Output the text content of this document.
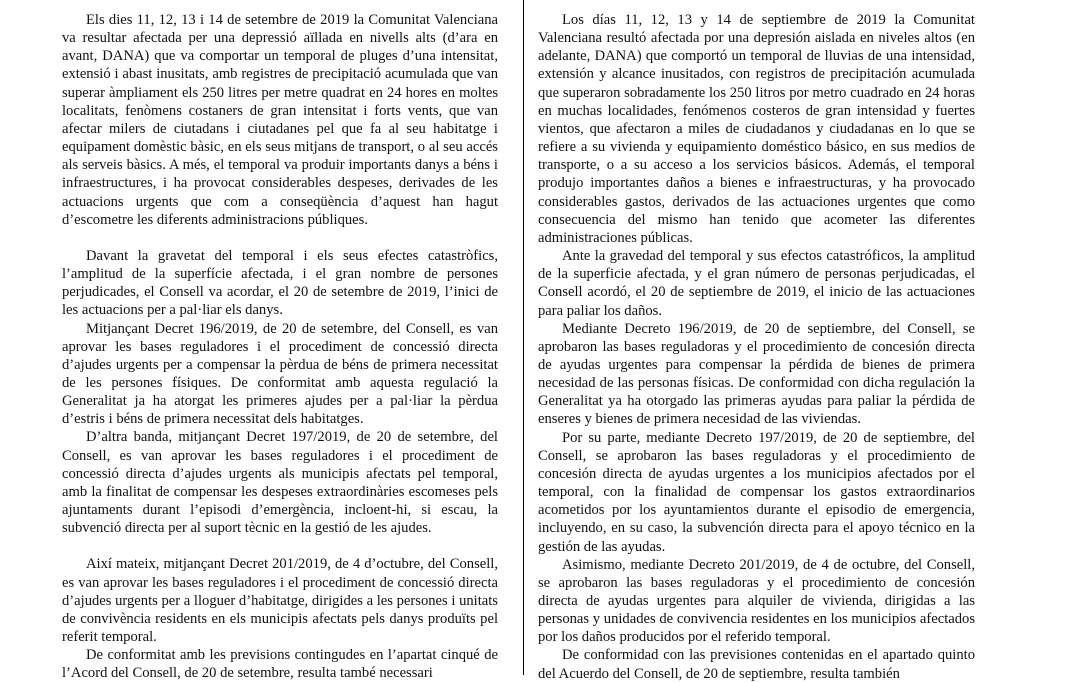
Els dies 11, 12, 13 i 14 de setembre de 2019 la Comunitat Valenciana va resultar afectada per una depressió aïllada en nivells alts (d’ara en avant, DANA) que va comportar un temporal de pluges d’una intensitat, extensió i abast inusitats, amb registres de precipitació acumulada que van superar àmpliament els 250 litres per metre quadrat en 24 hores en moltes localitats, fenòmens costaners de gran intensitat i forts vents, que van afectar milers de ciutadans i ciutadanes pel que fa al seu habitatge i equipament domèstic bàsic, en els seus mitjans de transport, o al seu accés als serveis bàsics. A més, el temporal va produir importants danys a béns i infraestructures, i ha provocat considerables despeses, derivades de les actuacions urgents que com a conseqüència d’aquest han hagut d’escometre les diferents administracions públiques.

Davant la gravetat del temporal i els seus efectes catastròfics, l’amplitud de la superfície afectada, i el gran nombre de persones perjudicades, el Consell va acordar, el 20 de setembre de 2019, l’inici de les actuacions per a pal·liar els danys.

Mitjançant Decret 196/2019, de 20 de setembre, del Consell, es van aprovar les bases reguladores i el procediment de concessió directa d’ajudes urgents per a compensar la pèrdua de béns de primera necessitat de les persones físiques. De conformitat amb aquesta regulació la Generalitat ja ha atorgat les primeres ajudes per a pal·liar la pèrdua d’estris i béns de primera necessitat dels habitatges.

D’altra banda, mitjançant Decret 197/2019, de 20 de setembre, del Consell, es van aprovar les bases reguladores i el procediment de concessió directa d’ajudes urgents als municipis afectats pel temporal, amb la finalitat de compensar les despeses extraordinàries escomeses pels ajuntaments durant l’episodi d’emergència, incloent-hi, si escau, la subvenció directa per al suport tècnic en la gestió de les ajudes.

Així mateix, mitjançant Decret 201/2019, de 4 d’octubre, del Consell, es van aprovar les bases reguladores i el procediment de concessió directa d’ajudes urgents per a lloguer d’habitatge, dirigides a les persones i unitats de convivència residents en els municipis afectats pels danys produïts pel referit temporal.

De conformitat amb les previsions contingudes en l’apartat cinqué de l’Acord del Consell, de 20 de setembre, resulta també necessari

Los días 11, 12, 13 y 14 de septiembre de 2019 la Comunitat Valenciana resultó afectada por una depresión aislada en niveles altos (en adelante, DANA) que comportó un temporal de lluvias de una intensidad, extensión y alcance inusitados, con registros de precipitación acumulada que superaron sobradamente los 250 litros por metro cuadrado en 24 horas en muchas localidades, fenómenos costeros de gran intensidad y fuertes vientos, que afectaron a miles de ciudadanos y ciudadanas en lo que se refiere a su vivienda y equipamiento doméstico básico, en sus medios de transporte, o a su acceso a los servicios básicos. Además, el temporal produjo importantes daños a bienes e infraestructuras, y ha provocado considerables gastos, derivados de las actuaciones urgentes que como consecuencia del mismo han tenido que acometer las diferentes administraciones públicas.

Ante la gravedad del temporal y sus efectos catastróficos, la amplitud de la superficie afectada, y el gran número de personas perjudicadas, el Consell acordó, el 20 de septiembre de 2019, el inicio de las actuaciones para paliar los daños.

Mediante Decreto 196/2019, de 20 de septiembre, del Consell, se aprobaron las bases reguladoras y el procedimiento de concesión directa de ayudas urgentes para compensar la pérdida de bienes de primera necesidad de las personas físicas. De conformidad con dicha regulación la Generalitat ya ha otorgado las primeras ayudas para paliar la pérdida de enseres y bienes de primera necesidad de las viviendas.

Por su parte, mediante Decreto 197/2019, de 20 de septiembre, del Consell, se aprobaron las bases reguladoras y el procedimiento de concesión directa de ayudas urgentes a los municipios afectados por el temporal, con la finalidad de compensar los gastos extraordinarios acometidos por los ayuntamientos durante el episodio de emergencia, incluyendo, en su caso, la subvención directa para el apoyo técnico en la gestión de las ayudas.

Asimismo, mediante Decreto 201/2019, de 4 de octubre, del Consell, se aprobaron las bases reguladoras y el procedimiento de concesión directa de ayudas urgentes para alquiler de vivienda, dirigidas a las personas y unidades de convivencia residentes en los municipios afectados por los daños producidos por el referido temporal.

De conformidad con las previsiones contenidas en el apartado quinto del Acuerdo del Consell, de 20 de septiembre, resulta también
